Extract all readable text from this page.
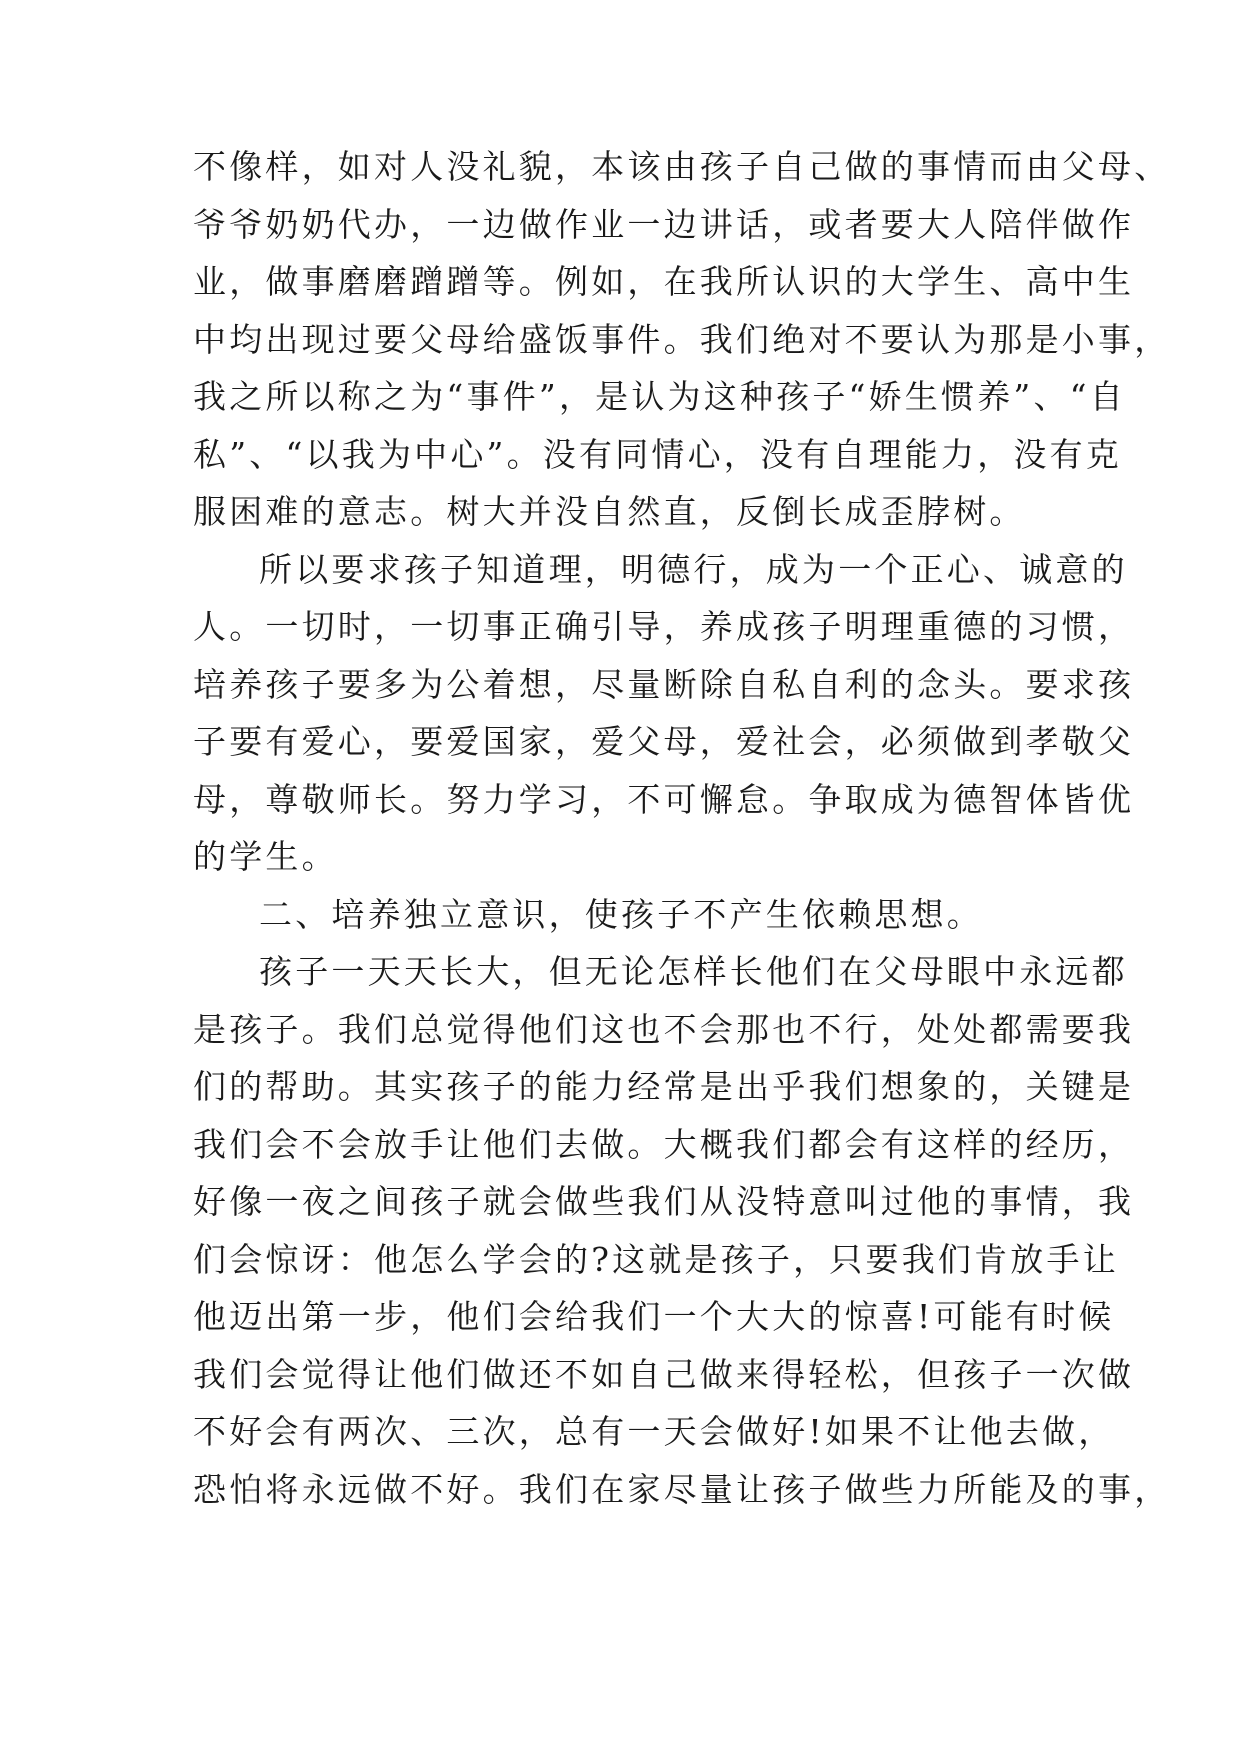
不像样，如对人没礼貌，本该由孩子自己做的事情而由父母、
爷爷奶奶代办，一边做作业一边讲话，或者要大人陪伴做作
业，做事磨磨蹭蹭等。例如，在我所认识的大学生、高中生
中均出现过要父母给盛饭事件。我们绝对不要认为那是小事，
我之所以称之为“事件”，是认为这种孩子“娇生惯养”、“自
私”、“以我为中心”。没有同情心，没有自理能力，没有克
服困难的意志。树大并没自然直，反倒长成歪脖树。
所以要求孩子知道理，明德行，成为一个正心、诚意的
人。一切时，一切事正确引导，养成孩子明理重德的习惯，
培养孩子要多为公着想，尽量断除自私自利的念头。要求孩
子要有爱心，要爱国家，爱父母，爱社会，必须做到孝敬父
母，尊敬师长。努力学习，不可懈怠。争取成为德智体皆优
的学生。
二、培养独立意识，使孩子不产生依赖思想。
孩子一天天长大，但无论怎样长他们在父母眼中永远都
是孩子。我们总觉得他们这也不会那也不行，处处都需要我
们的帮助。其实孩子的能力经常是出乎我们想象的，关键是
我们会不会放手让他们去做。大概我们都会有这样的经历，
好像一夜之间孩子就会做些我们从没特意叫过他的事情，我
们会惊讶：他怎么学会的?这就是孩子，只要我们肯放手让
他迈出第一步，他们会给我们一个大大的惊喜!可能有时候
我们会觉得让他们做还不如自己做来得轻松，但孩子一次做
不好会有两次、三次，总有一天会做好!如果不让他去做，
恐怕将永远做不好。我们在家尽量让孩子做些力所能及的事，
